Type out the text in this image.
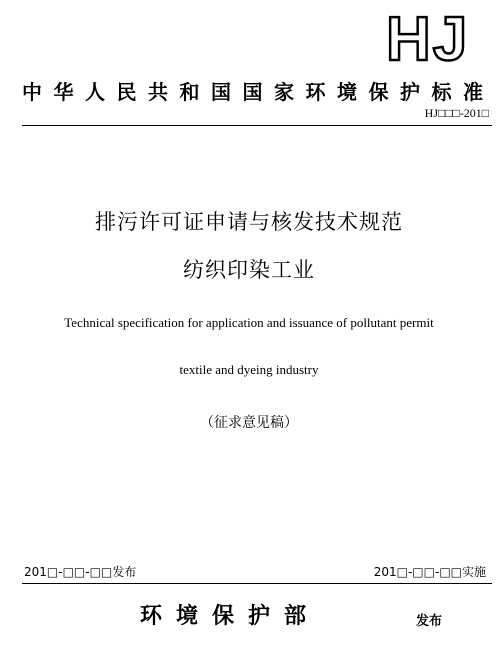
HJ
中华人民共和国国家环境保护标准
HJ□□□-201□
排污许可证申请与核发技术规范
纺织印染工业
Technical specification for application and issuance of pollutant permit
textile and dyeing industry
（征求意见稿）
201□-□□-□□发布	201□-□□-□□实施
环境保护部	发布
